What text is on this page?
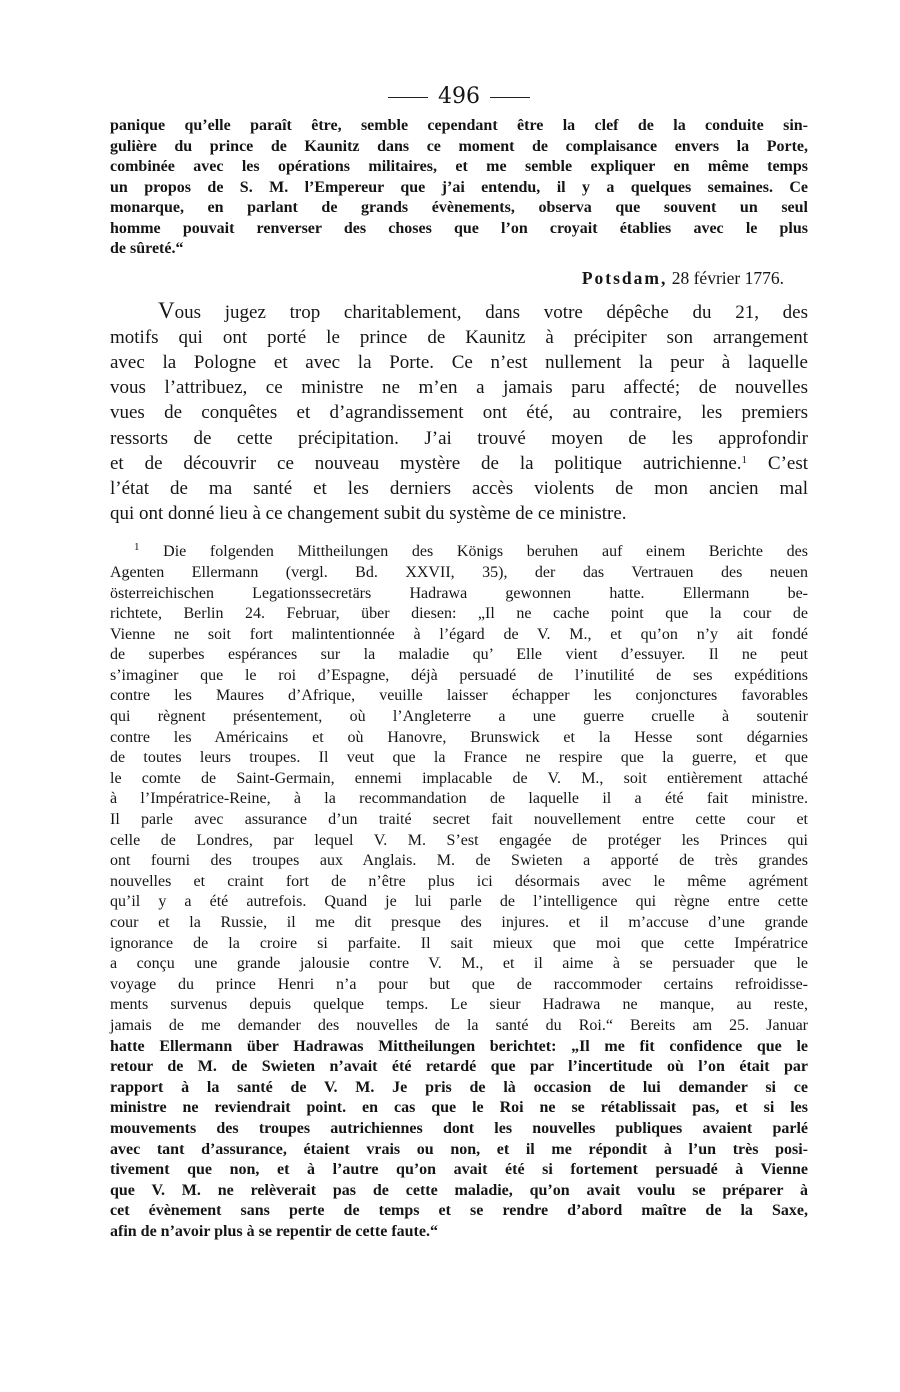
496
panique qu’elle paraît être, semble cependant être la clef de la conduite sin-
gulière du prince de Kaunitz dans ce moment de complaisance envers la Porte,
combinée avec les opérations militaires, et me semble expliquer en même temps
un propos de S. M. l’Empereur que j’ai entendu, il y a quelques semaines. Ce
monarque, en parlant de grands évènements, observa que souvent un seul
homme pouvait renverser des choses que l’on croyait établies avec le plus
de sûreté.“
Potsdam, 28 février 1776.
Vous jugez trop charitablement, dans votre dépêche du 21, des
motifs qui ont porté le prince de Kaunitz à précipiter son arrangement
avec la Pologne et avec la Porte. Ce n’est nullement la peur à laquelle
vous l’attribuez, ce ministre ne m’en a jamais paru affecté; de nouvelles
vues de conquêtes et d’agrandissement ont été, au contraire, les premiers
ressorts de cette précipitation. J’ai trouvé moyen de les approfondir
et de découvrir ce nouveau mystère de la politique autrichienne.$^1$ C’est
l’état de ma santé et les derniers accès violents de mon ancien mal
qui ont donné lieu à ce changement subit du système de ce ministre.
$^1$ Die folgenden Mittheilungen des Königs beruhen auf einem Berichte des
Agenten Ellermann (vergl. Bd. XXVII, 35), der das Vertrauen des neuen
österreichischen Legationssecretärs Hadrawa gewonnen hatte. Ellermann be-
richtete, Berlin 24. Februar, über diesen: „Il ne cache point que la cour de
Vienne ne soit fort malintentionnée à l’égard de V. M., et qu’on n’y ait fondé
de superbes espérances sur la maladie qu’ Elle vient d’essuyer. Il ne peut
s’imaginer que le roi d’Espagne, déjà persuadé de l’inutilité de ses expéditions
contre les Maures d’Afrique, veuille laisser échapper les conjonctures favorables
qui règnent présentement, où l’Angleterre a une guerre cruelle à soutenir
contre les Américains et où Hanovre, Brunswick et la Hesse sont dégarnies
de toutes leurs troupes. Il veut que la France ne respire que la guerre, et que
le comte de Saint-Germain, ennemi implacable de V. M., soit entièrement attaché
à l’Impératrice-Reine, à la recommandation de laquelle il a été fait ministre.
Il parle avec assurance d’un traité secret fait nouvellement entre cette cour et
celle de Londres, par lequel V. M. S’est engagée de protéger les Princes qui
ont fourni des troupes aux Anglais. M. de Swieten a apporté de très grandes
nouvelles et craint fort de n’être plus ici désormais avec le même agrément
qu’il y a été autrefois. Quand je lui parle de l’intelligence qui règne entre cette
cour et la Russie, il me dit presque des injures. et il m’accuse d’une grande
ignorance de la croire si parfaite. Il sait mieux que moi que cette Impératrice
a conçu une grande jalousie contre V. M., et il aime à se persuader que le
voyage du prince Henri n’a pour but que de raccommoder certains refroidisse-
ments survenus depuis quelque temps. Le sieur Hadrawa ne manque, au reste,
jamais de me demander des nouvelles de la santé du Roi.“ Bereits am 25. Januar
hatte Ellermann über Hadrawas Mittheilungen berichtet: „Il me fit confidence que le
retour de M. de Swieten n’avait été retardé que par l’incertitude où l’on était par
rapport à la santé de V. M. Je pris de là occasion de lui demander si ce
ministre ne reviendrait point. en cas que le Roi ne se rétablissait pas, et si les
mouvements des troupes autrichiennes dont les nouvelles publiques avaient parlé
avec tant d’assurance, étaient vrais ou non, et il me répondit à l’un très posi-
tivement que non, et à l’autre qu’on avait été si fortement persuadé à Vienne
que V. M. ne relèverait pas de cette maladie, qu’on avait voulu se préparer à
cet évènement sans perte de temps et se rendre d’abord maître de la Saxe,
afin de n’avoir plus à se repentir de cette faute.“
